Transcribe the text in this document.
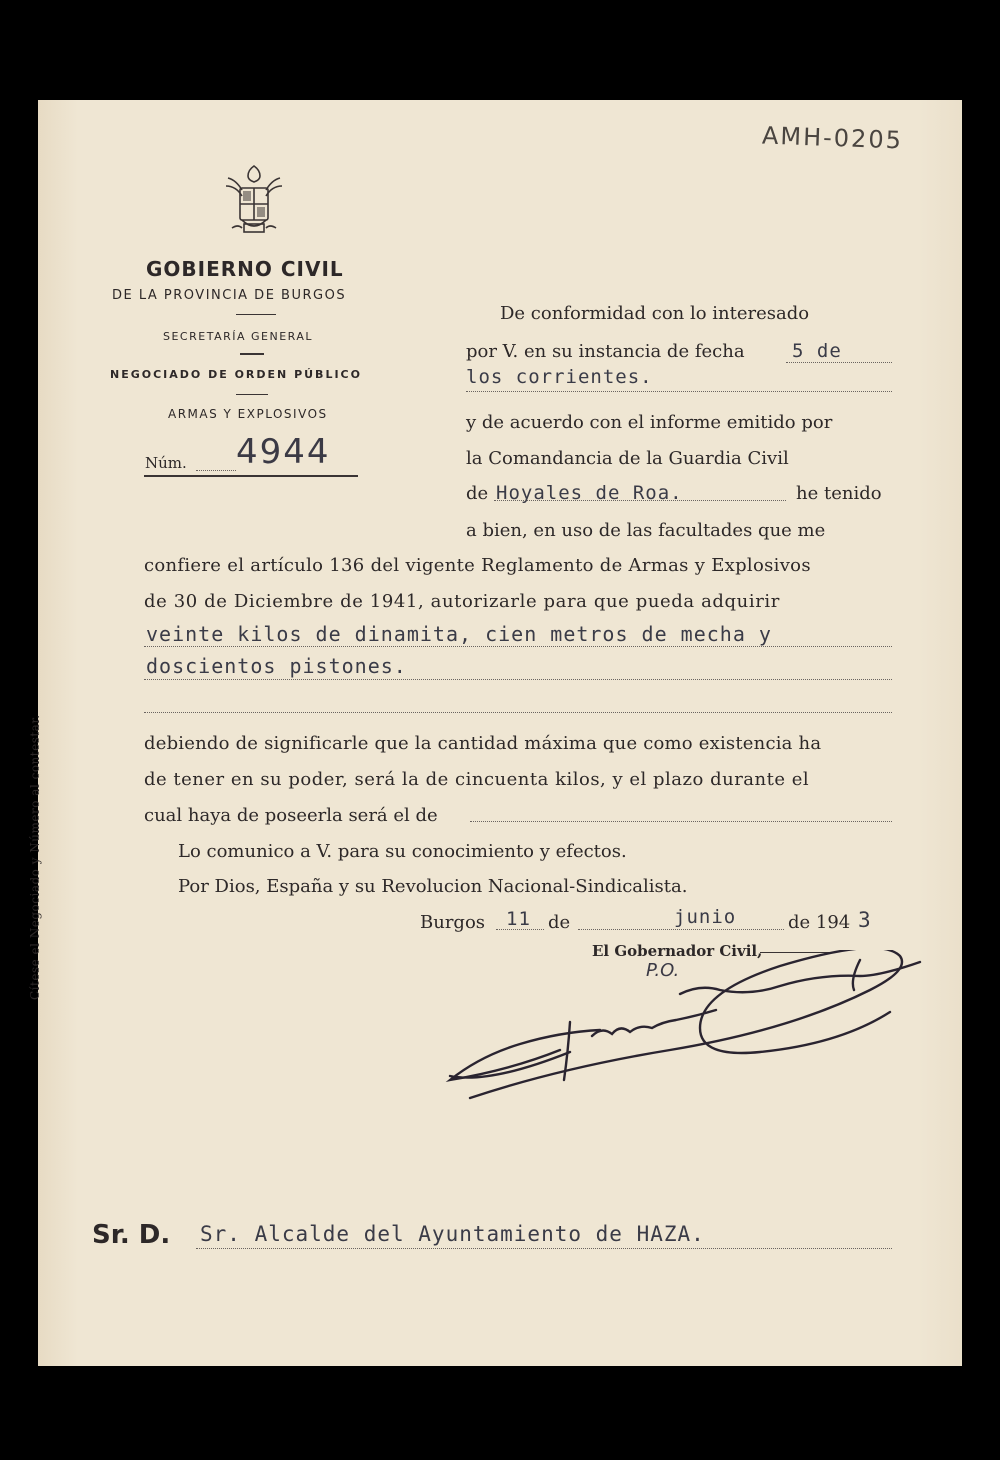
AMH-0205
GOBIERNO CIVIL
DE LA PROVINCIA DE BURGOS
SECRETARÍA GENERAL
NEGOCIADO DE ORDEN PÚBLICO
ARMAS Y EXPLOSIVOS
Núm. 4944
Cítese el Negociado y Número al contestar.
De conformidad con lo interesado
por V. en su instancia de fecha 5 de
los corrientes.
y de acuerdo con el informe emitido por
la Comandancia de la Guardia Civil
de Hoyales de Roa.	he tenido
a bien, en uso de las facultades que me
confiere el artículo 136 del vigente Reglamento de Armas y Explosivos
de 30 de Diciembre de 1941, autorizarle para que pueda adquirir
veinte kilos de dinamita, cien metros de mecha y
doscientos pistones.
debiendo de significarle que la cantidad máxima que como existencia ha
de tener en su poder, será la de cincuenta kilos, y el plazo durante el
cual haya de poseerla será el de
Lo comunico a V. para su conocimiento y efectos.
Por Dios, España y su Revolucion Nacional-Sindicalista.
Burgos 11 de	junio	de 194 3
El Gobernador Civil,
P.O.
Sr. D. Sr. Alcalde del Ayuntamiento de HAZA.
